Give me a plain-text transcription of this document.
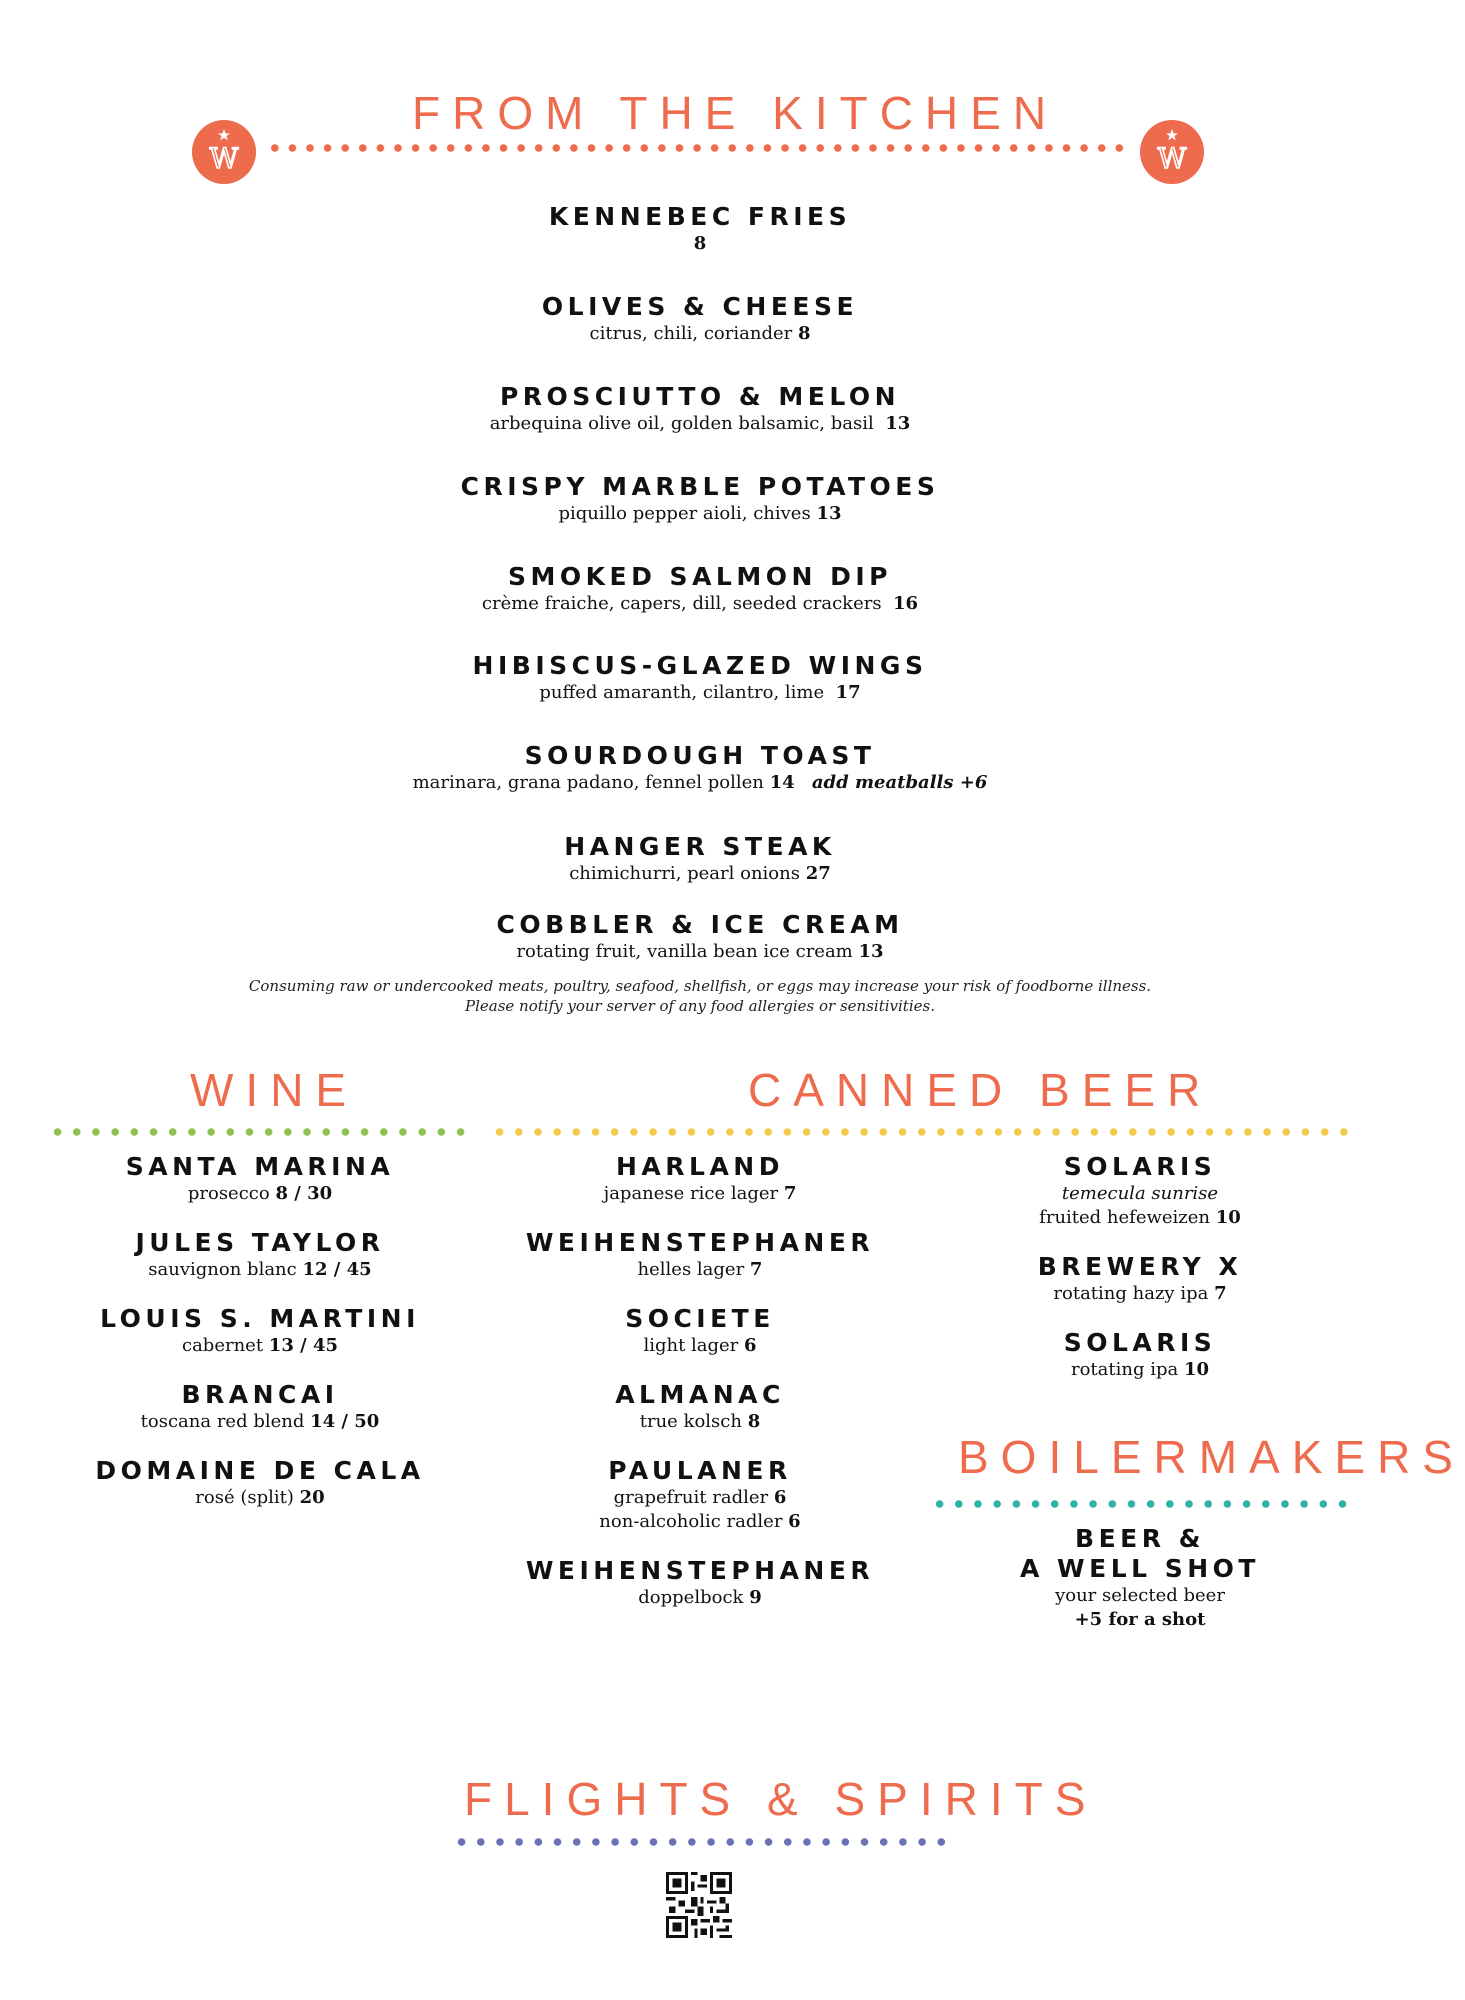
FROM THE KITCHEN
W	W
KENNEBEC FRIES
8
OLIVES & CHEESE
citrus, chili, coriander 8
PROSCIUTTO & MELON
arbequina olive oil, golden balsamic, basil 13
CRISPY MARBLE POTATOES
piquillo pepper aioli, chives 13
SMOKED SALMON DIP
crème fraiche, capers, dill, seeded crackers 16
HIBISCUS-GLAZED WINGS
puffed amaranth, cilantro, lime 17
SOURDOUGH TOAST
marinara, grana padano, fennel pollen 14 add meatballs +6
HANGER STEAK
chimichurri, pearl onions 27
COBBLER & ICE CREAM
rotating fruit, vanilla bean ice cream 13
Consuming raw or undercooked meats, poultry, seafood, shellfish, or eggs may increase your risk of foodborne illness.
Please notify your server of any food allergies or sensitivities.
WINE
SANTA MARINA
prosecco 8 / 30
JULES TAYLOR
sauvignon blanc 12 / 45
LOUIS S. MARTINI
cabernet 13 / 45
BRANCAI
toscana red blend 14 / 50
DOMAINE DE CALA
rosé (split) 20
CANNED BEER
HARLAND
japanese rice lager 7
WEIHENSTEPHANER
helles lager 7
SOCIETE
light lager 6
ALMANAC
true kolsch 8
PAULANER
grapefruit radler 6
non-alcoholic radler 6
WEIHENSTEPHANER
doppelbock 9
SOLARIS
temecula sunrise
fruited hefeweizen 10
BREWERY X
rotating hazy ipa 7
SOLARIS
rotating ipa 10
BOILERMAKERS
BEER &
A WELL SHOT
your selected beer
+5 for a shot
FLIGHTS & SPIRITS
